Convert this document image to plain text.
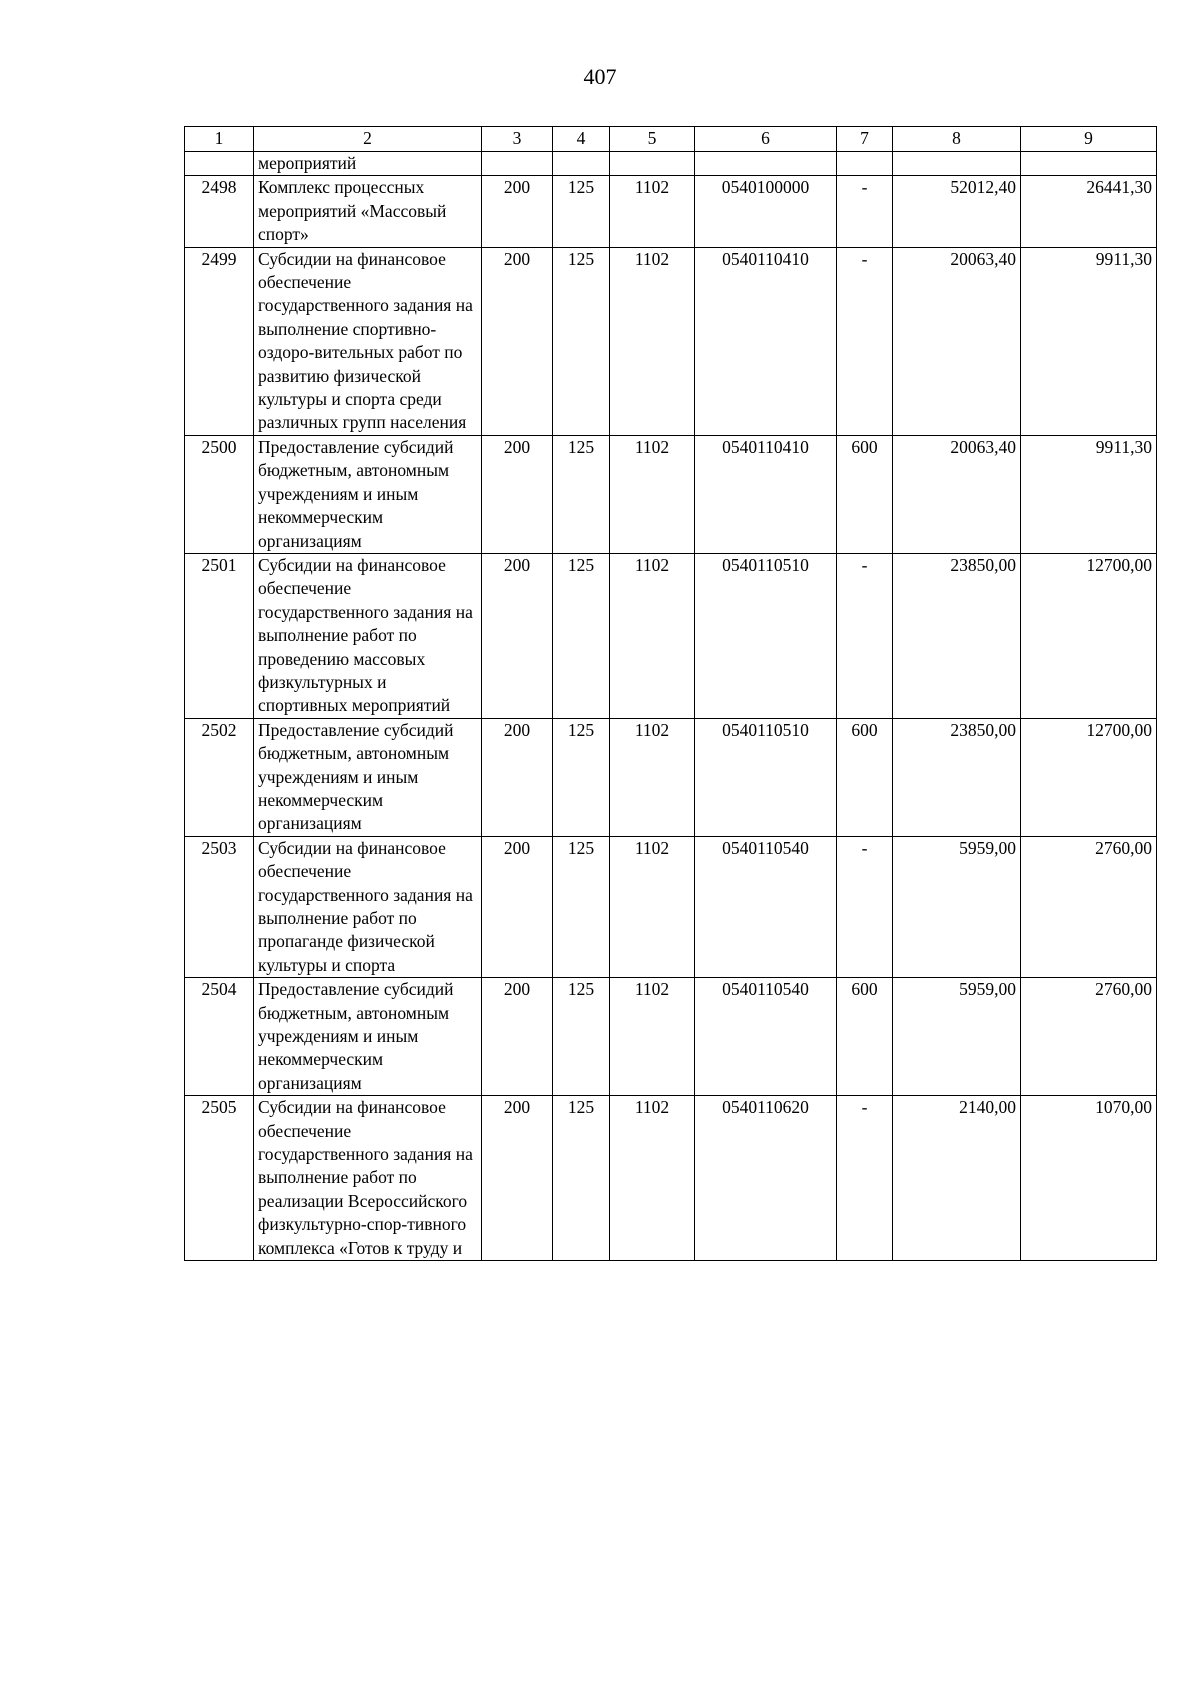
407
1	2	3	4	5	6	7	8	9
	мероприятий							
2498	Комплекс процессных мероприятий «Массовый спорт»	200	125	1102	0540100000	-	52012,40	26441,30
2499	Субсидии на финансовое обеспечение государственного задания на выполнение спортивно-оздоро-вительных работ по развитию физической культуры и спорта среди различных групп населения	200	125	1102	0540110410	-	20063,40	9911,30
2500	Предоставление субсидий бюджетным, автономным учреждениям и иным некоммерческим организациям	200	125	1102	0540110410	600	20063,40	9911,30
2501	Субсидии на финансовое обеспечение государственного задания на выполнение работ по проведению массовых физкультурных и спортивных мероприятий	200	125	1102	0540110510	-	23850,00	12700,00
2502	Предоставление субсидий бюджетным, автономным учреждениям и иным некоммерческим организациям	200	125	1102	0540110510	600	23850,00	12700,00
2503	Субсидии на финансовое обеспечение государственного задания на выполнение работ по пропаганде физической культуры и спорта	200	125	1102	0540110540	-	5959,00	2760,00
2504	Предоставление субсидий бюджетным, автономным учреждениям и иным некоммерческим организациям	200	125	1102	0540110540	600	5959,00	2760,00
2505	Субсидии на финансовое обеспечение государственного задания на выполнение работ по реализации Всероссийского физкультурно-спор-тивного комплекса «Готов к труду и	200	125	1102	0540110620	-	2140,00	1070,00
